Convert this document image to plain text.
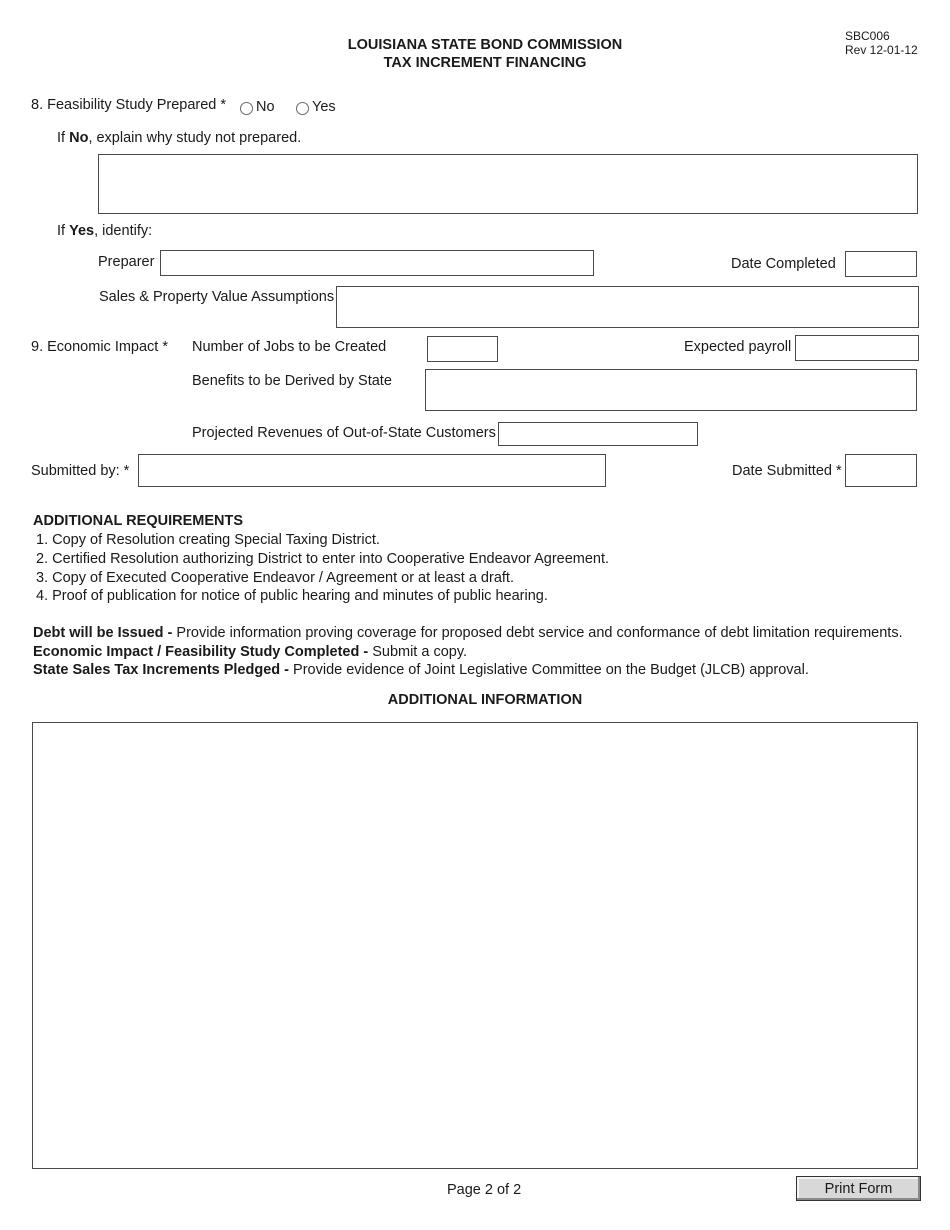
LOUISIANA STATE BOND COMMISSION
TAX INCREMENT FINANCING
SBC006
Rev 12-01-12
8. Feasibility Study Prepared * No	Yes
If No, explain why study not prepared.
If Yes, identify:
Preparer	Date Completed
Sales & Property Value Assumptions
9. Economic Impact * Number of Jobs to be Created	Expected payroll
Benefits to be Derived by State
Projected Revenues of Out-of-State Customers
Submitted by: *	Date Submitted *
ADDITIONAL REQUIREMENTS
1. Copy of Resolution creating Special Taxing District.
2. Certified Resolution authorizing District to enter into Cooperative Endeavor Agreement.
3. Copy of Executed Cooperative Endeavor / Agreement or at least a draft.
4. Proof of publication for notice of public hearing and minutes of public hearing.
Debt will be Issued - Provide information proving coverage for proposed debt service and conformance of debt limitation requirements.
Economic Impact / Feasibility Study Completed - Submit a copy.
State Sales Tax Increments Pledged - Provide evidence of Joint Legislative Committee on the Budget (JLCB) approval.
ADDITIONAL INFORMATION
Page 2 of 2	Print Form
